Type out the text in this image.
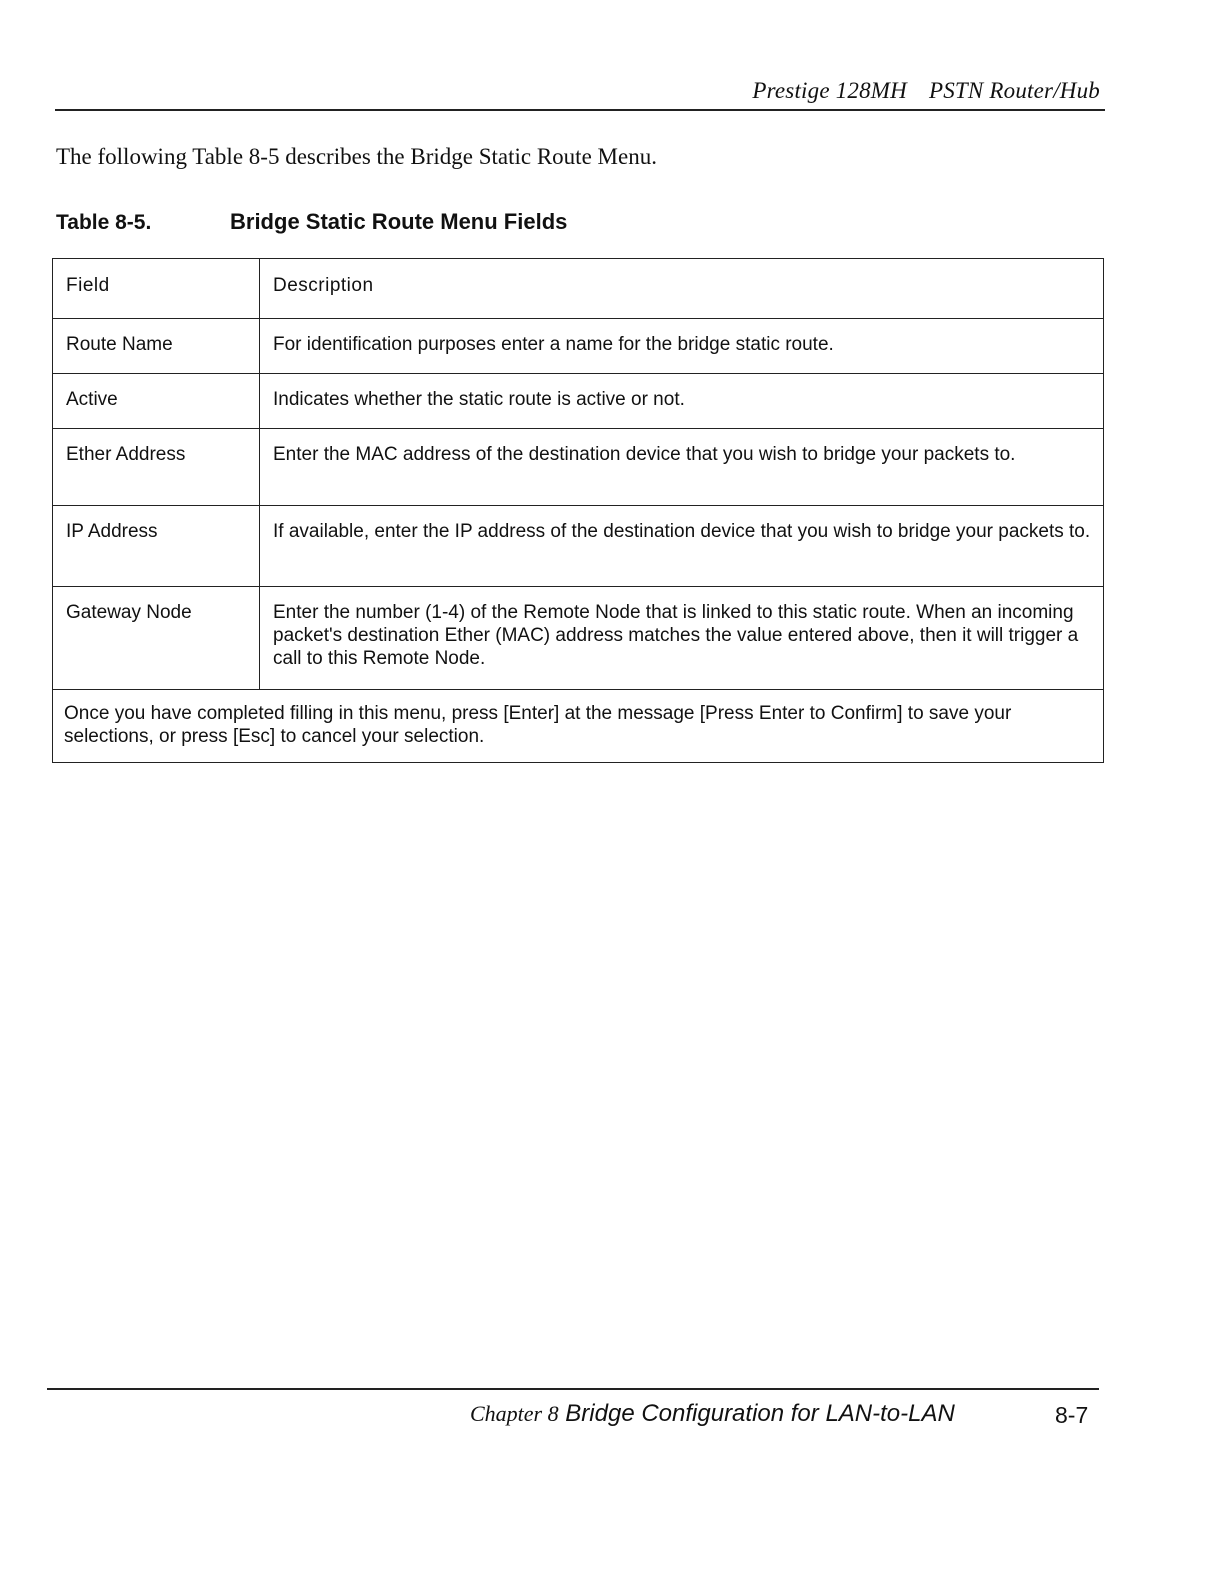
Prestige 128MH PSTN Router/Hub
The following Table 8-5 describes the Bridge Static Route Menu.
Table 8-5.	Bridge Static Route Menu Fields
Field	Description
Route Name	For identification purposes enter a name for the bridge static route.
Active	Indicates whether the static route is active or not.
Ether Address	Enter the MAC address of the destination device that you wish to bridge your packets to.
IP Address	If available, enter the IP address of the destination device that you wish to bridge your packets to.
Gateway Node	Enter the number (1-4) of the Remote Node that is linked to this static route. When an incoming packet's destination Ether (MAC) address matches the value entered above, then it will trigger a call to this Remote Node.
Once you have completed filling in this menu, press [Enter] at the message [Press Enter to Confirm] to save your selections, or press [Esc] to cancel your selection.	
Chapter 8 Bridge Configuration for LAN-to-LAN	8-7
